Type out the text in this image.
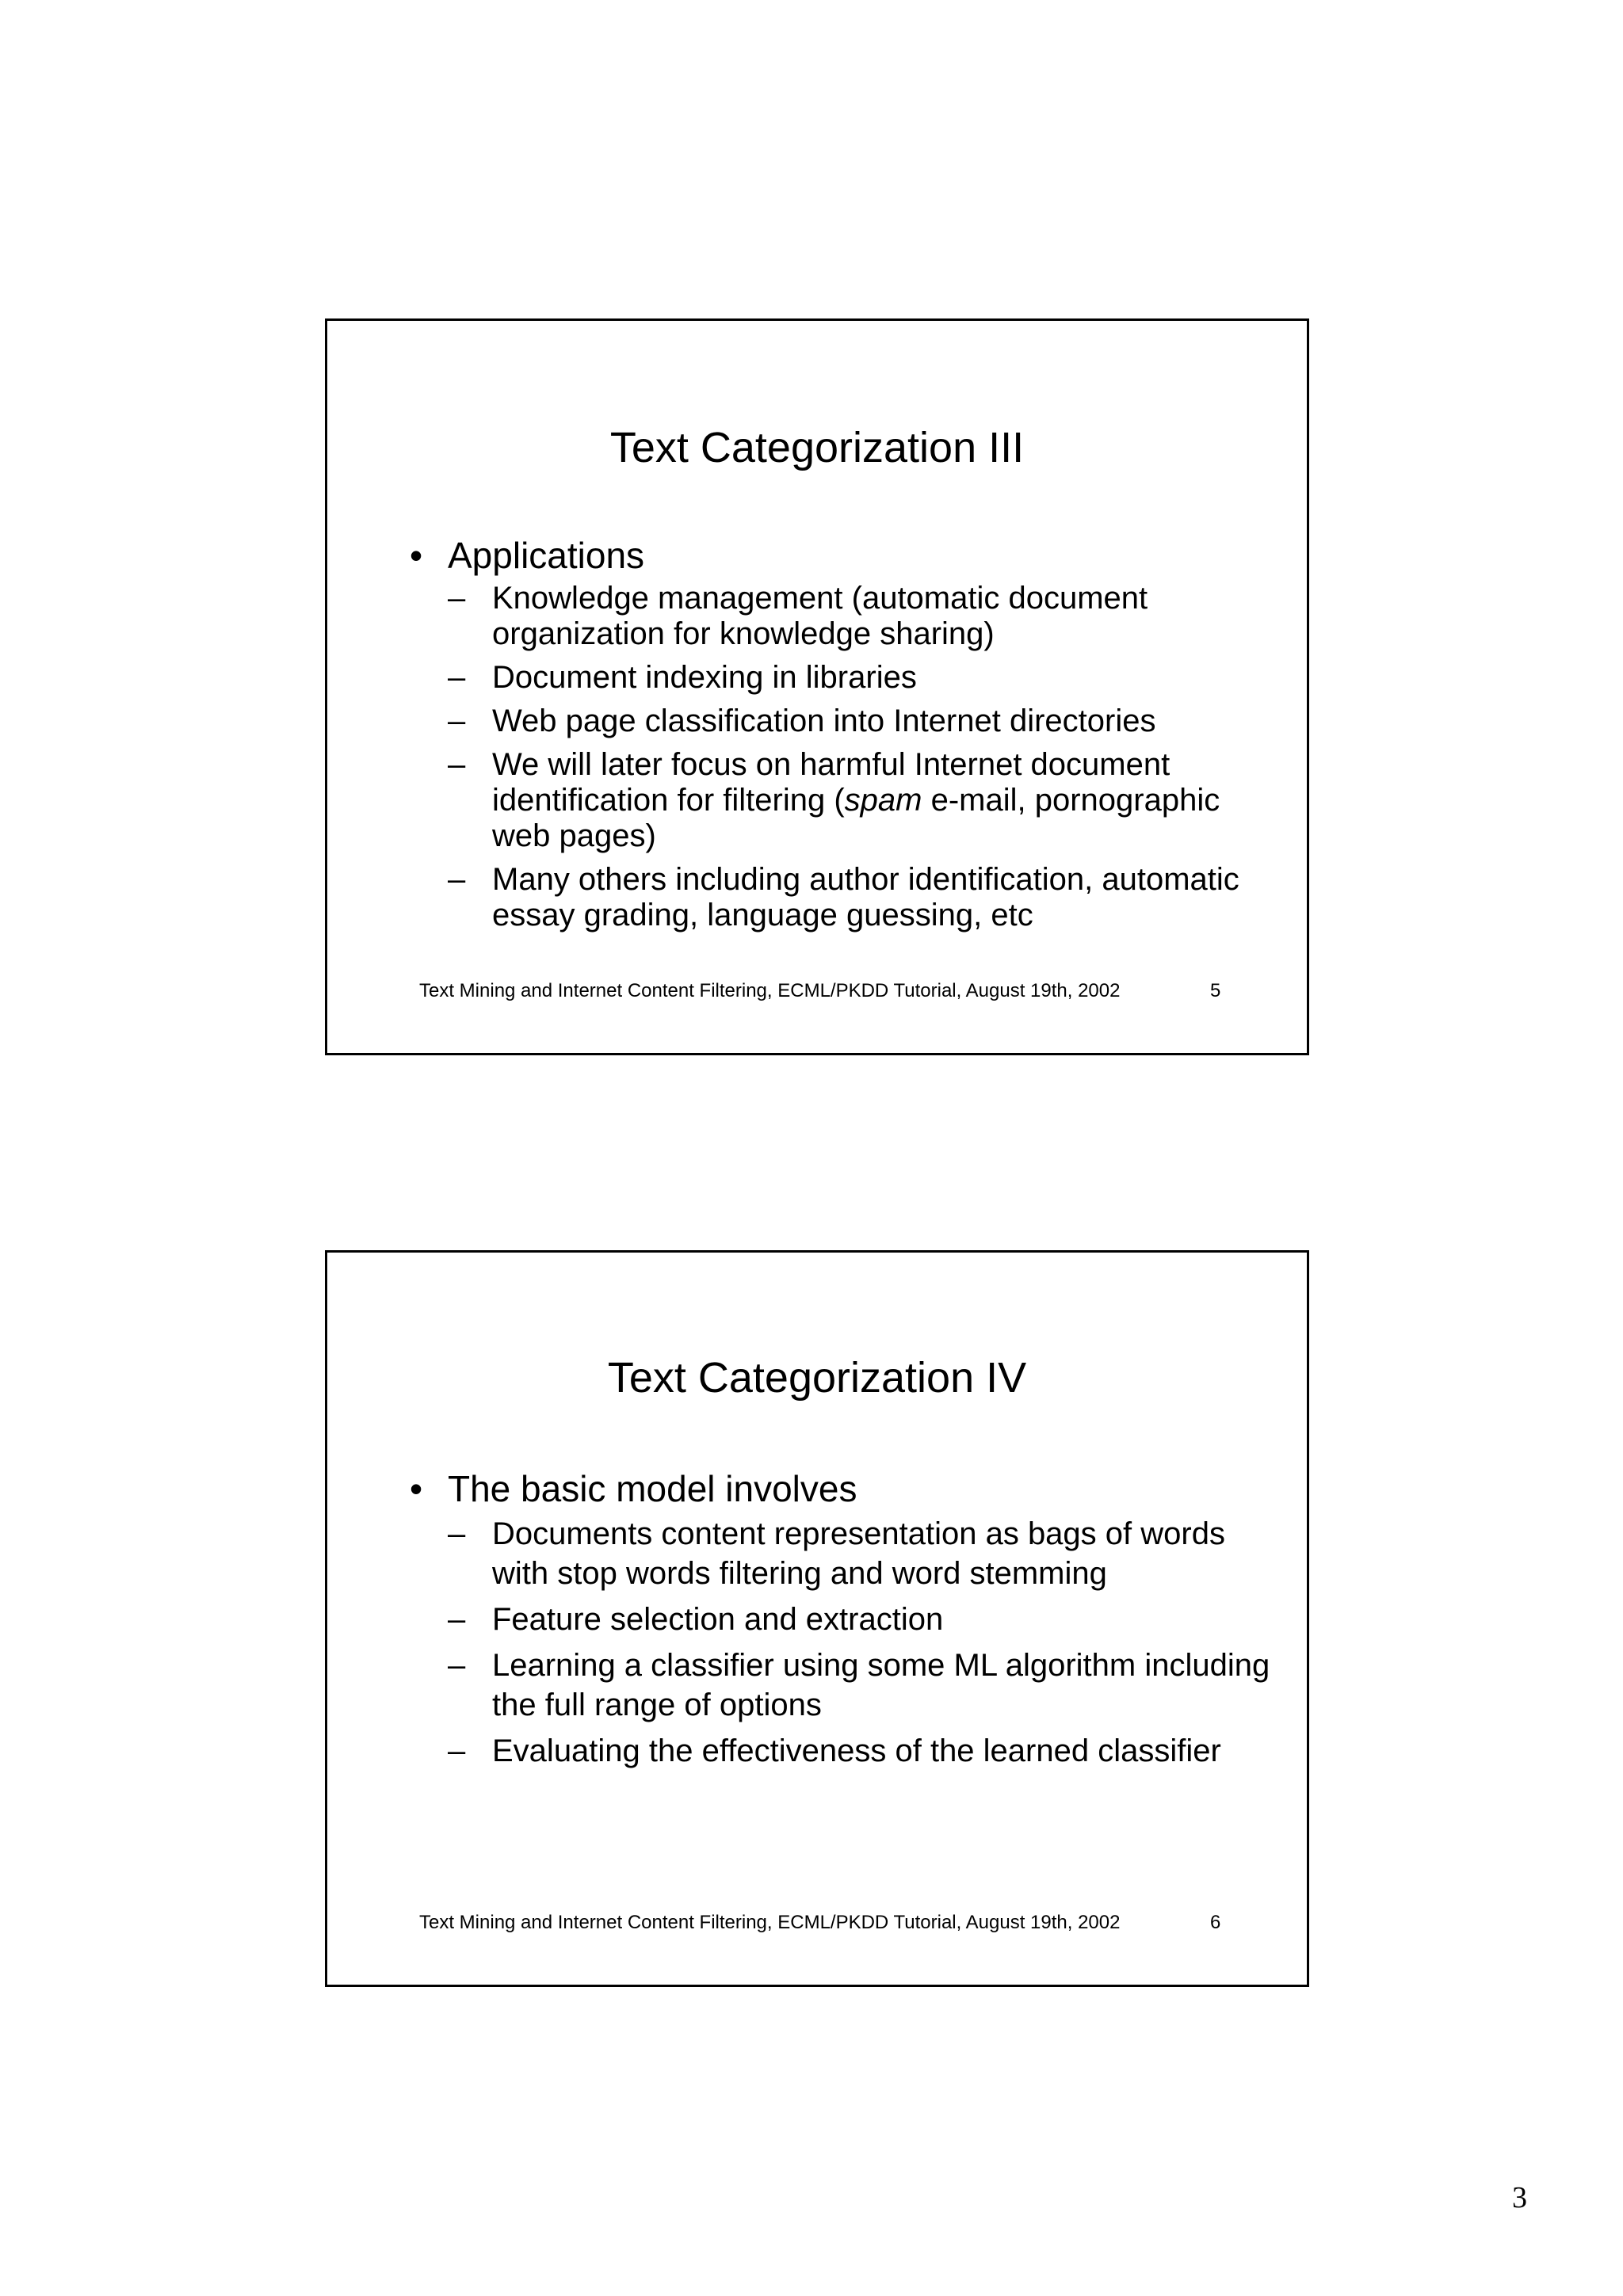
Text Categorization III
• Applications
– Knowledge management (automatic document organization for knowledge sharing)
– Document indexing in libraries
– Web page classification into Internet directories
– We will later focus on harmful Internet document identification for filtering (spam e-mail, pornographic web pages)
– Many others including author identification, automatic essay grading, language guessing, etc
Text Mining and Internet Content Filtering, ECML/PKDD Tutorial, August 19th, 2002	5
Text Categorization IV
• The basic model involves
– Documents content representation as bags of words with stop words filtering and word stemming
– Feature selection and extraction
– Learning a classifier using some ML algorithm including the full range of options
– Evaluating the effectiveness of the learned classifier
Text Mining and Internet Content Filtering, ECML/PKDD Tutorial, August 19th, 2002	6
3
